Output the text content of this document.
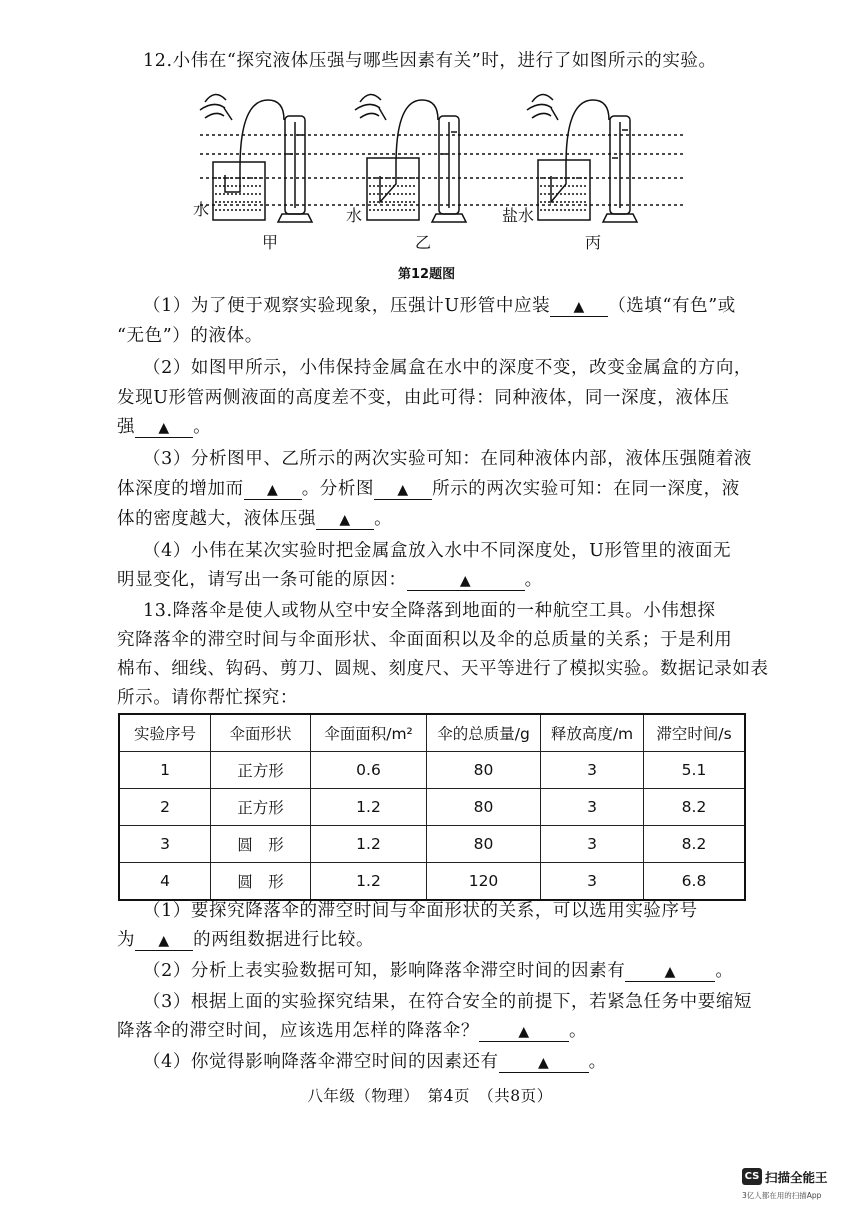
12.小伟在“探究液体压强与哪些因素有关”时，进行了如图所示的实验。
水	水	盐水
甲	乙	丙
第12题图
（1）为了便于观察实验现象，压强计U形管中应装 ▲ （选填“有色”或
“无色”）的液体。
（2）如图甲所示，小伟保持金属盒在水中的深度不变，改变金属盒的方向，
发现U形管两侧液面的高度差不变，由此可得：同种液体，同一深度，液体压
强 ▲ 。
（3）分析图甲、乙所示的两次实验可知：在同种液体内部，液体压强随着液
体深度的增加而 ▲ 。分析图 ▲ 所示的两次实验可知：在同一深度，液
体的密度越大，液体压强 ▲ 。
（4）小伟在某次实验时把金属盒放入水中不同深度处，U形管里的液面无
明显变化，请写出一条可能的原因：	▲	。
13.降落伞是使人或物从空中安全降落到地面的一种航空工具。小伟想探
究降落伞的滞空时间与伞面形状、伞面面积以及伞的总质量的关系；于是利用
棉布、细线、钩码、剪刀、圆规、刻度尺、天平等进行了模拟实验。数据记录如表
所示。请你帮忙探究：
实验序号	伞面形状	伞面面积/m²	伞的总质量/g	释放高度/m	滞空时间/s
1	正方形	0.6	80	3	5.1
2	正方形	1.2	80	3	8.2
3	圆　形	1.2	80	3	8.2
4	圆　形	1.2	120	3	6.8
（1）要探究降落伞的滞空时间与伞面形状的关系，可以选用实验序号
为 ▲ 的两组数据进行比较。
（2）分析上表实验数据可知，影响降落伞滞空时间的因素有	▲ 。
（3）根据上面的实验探究结果，在符合安全的前提下，若紧急任务中要缩短
降落伞的滞空时间，应该选用怎样的降落伞？	▲ 。
（4）你觉得影响降落伞滞空时间的因素还有	▲ 。
八年级（物理）　第4页　（共8页）
CS 扫描全能王
3亿人都在用的扫描App
